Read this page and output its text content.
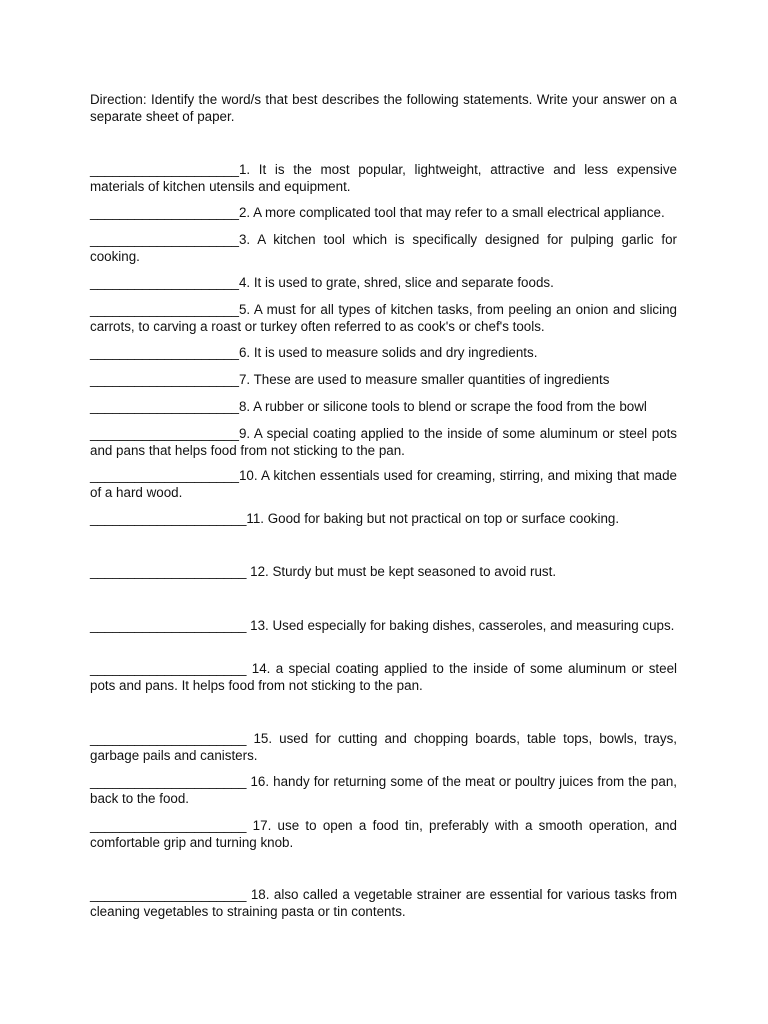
Direction: Identify the word/s that best describes the following statements. Write your answer on a separate sheet of paper.

____________________1. It is the most popular, lightweight, attractive and less expensive materials of kitchen utensils and equipment.

____________________2. A more complicated tool that may refer to a small electrical appliance.

____________________3. A kitchen tool which is specifically designed for pulping garlic for cooking.

____________________4. It is used to grate, shred, slice and separate foods.

____________________5. A must for all types of kitchen tasks, from peeling an onion and slicing carrots, to carving a roast or turkey often referred to as cook's or chef's tools.

____________________6. It is used to measure solids and dry ingredients.

____________________7. These are used to measure smaller quantities of ingredients

____________________8. A rubber or silicone tools to blend or scrape the food from the bowl

____________________9. A special coating applied to the inside of some aluminum or steel pots and pans that helps food from not sticking to the pan.

____________________10. A kitchen essentials used for creaming, stirring, and mixing that made of a hard wood.

_____________________11. Good for baking but not practical on top or surface cooking.

_____________________ 12. Sturdy but must be kept seasoned to avoid rust.

_____________________ 13. Used especially for baking dishes, casseroles, and measuring cups.

_____________________ 14. a special coating applied to the inside of some aluminum or steel pots and pans. It helps food from not sticking to the pan.

_____________________ 15. used for cutting and chopping boards, table tops, bowls, trays, garbage pails and canisters.

_____________________ 16. handy for returning some of the meat or poultry juices from the pan, back to the food.

_____________________ 17. use to open a food tin, preferably with a smooth operation, and comfortable grip and turning knob.

_____________________ 18. also called a vegetable strainer are essential for various tasks from cleaning vegetables to straining pasta or tin contents.
